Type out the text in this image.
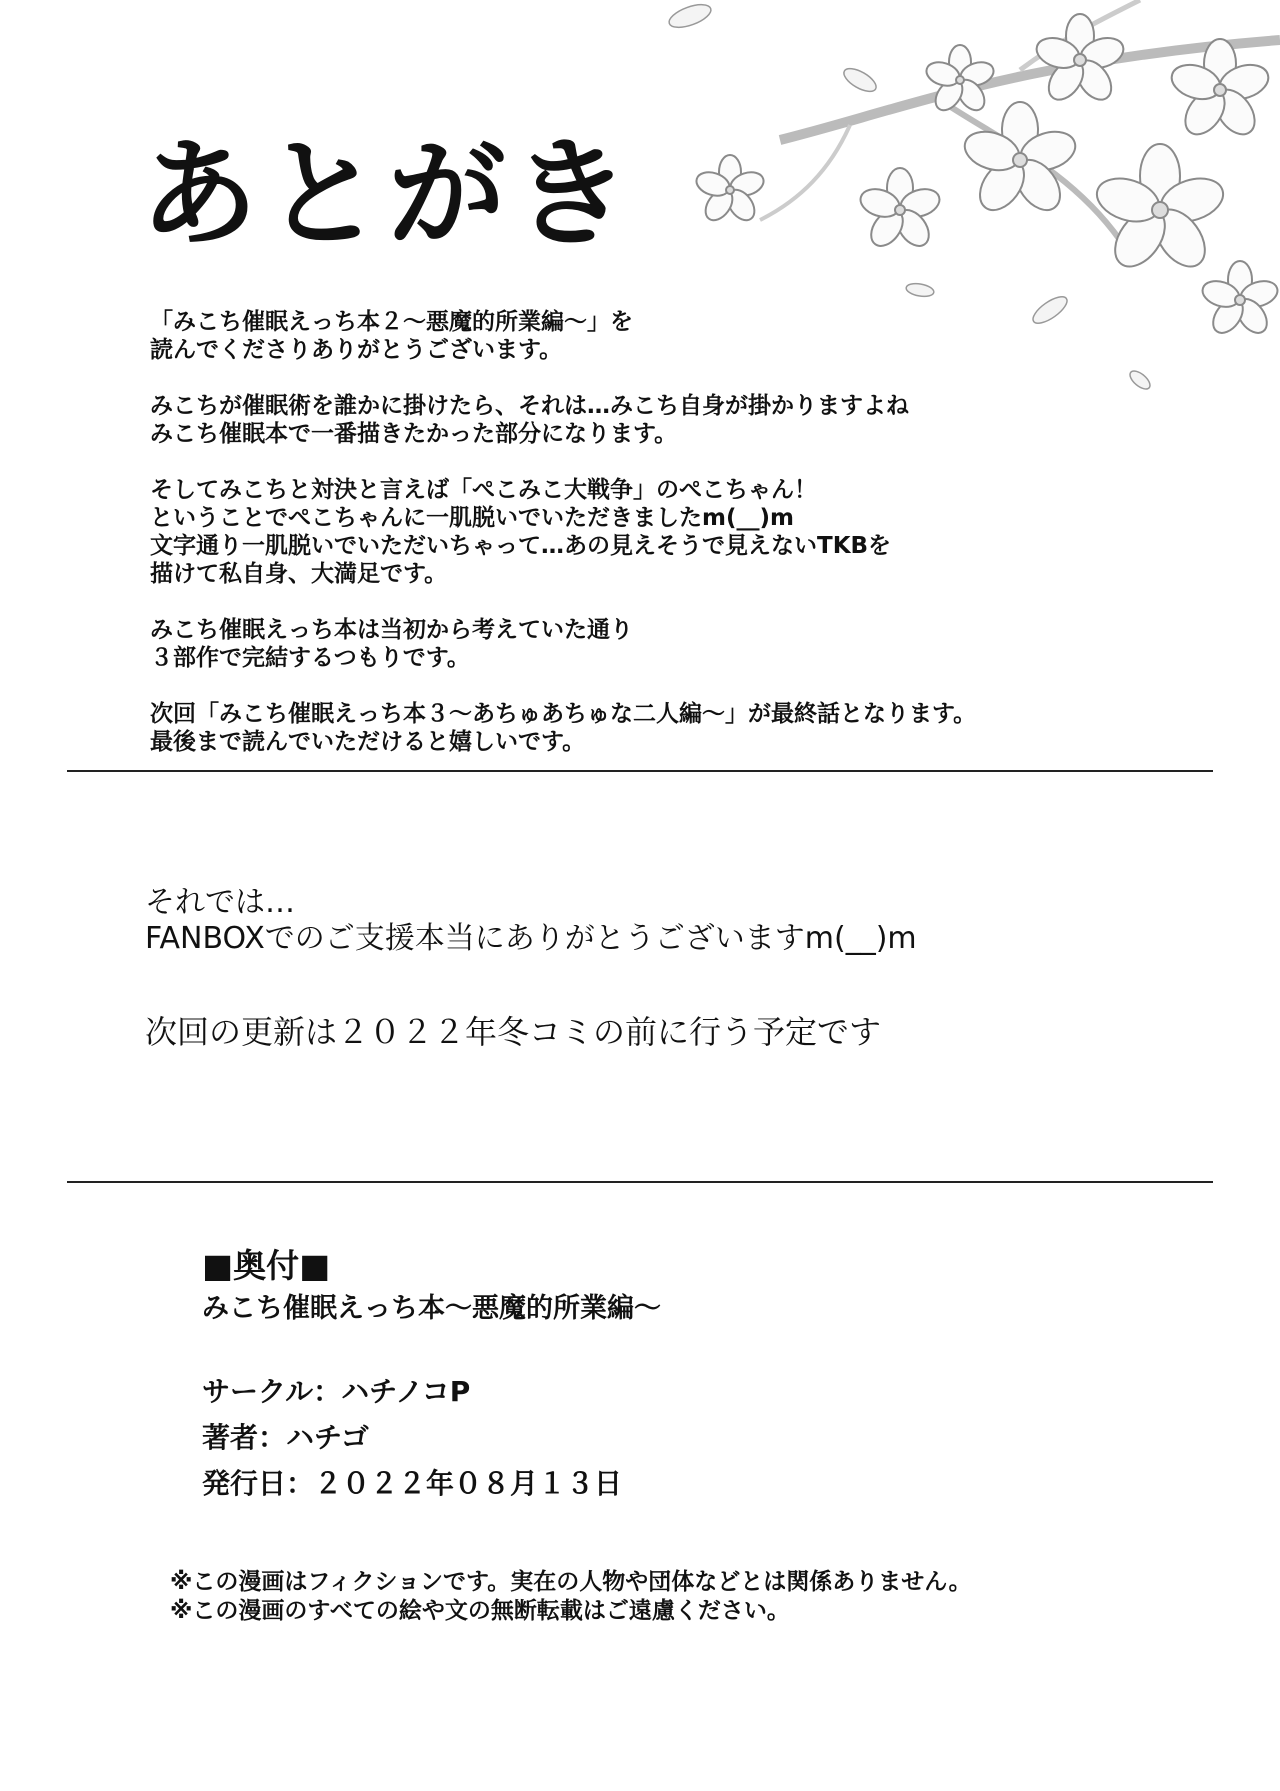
あとがき
「みこち催眠えっち本２～悪魔的所業編～」を
読んでくださりありがとうございます。
みこちが催眠術を誰かに掛けたら、それは…みこち自身が掛かりますよね
みこち催眠本で一番描きたかった部分になります。
そしてみこちと対決と言えば「ぺこみこ大戦争」のぺこちゃん！
ということでぺこちゃんに一肌脱いでいただきましたm(__)m
文字通り一肌脱いでいただいちゃって…あの見えそうで見えないTKBを
描けて私自身、大満足です。
みこち催眠えっち本は当初から考えていた通り
３部作で完結するつもりです。
次回「みこち催眠えっち本３～あちゅあちゅな二人編～」が最終話となります。
最後まで読んでいただけると嬉しいです。
それでは…
FANBOXでのご支援本当にありがとうございますm(__)m
次回の更新は２０２２年冬コミの前に行う予定です
■奥付■
みこち催眠えっち本～悪魔的所業編～
サークル：ハチノコP
著者：ハチゴ
発行日：２０２２年０８月１３日
※この漫画はフィクションです。実在の人物や団体などとは関係ありません。
※この漫画のすべての絵や文の無断転載はご遠慮ください。
